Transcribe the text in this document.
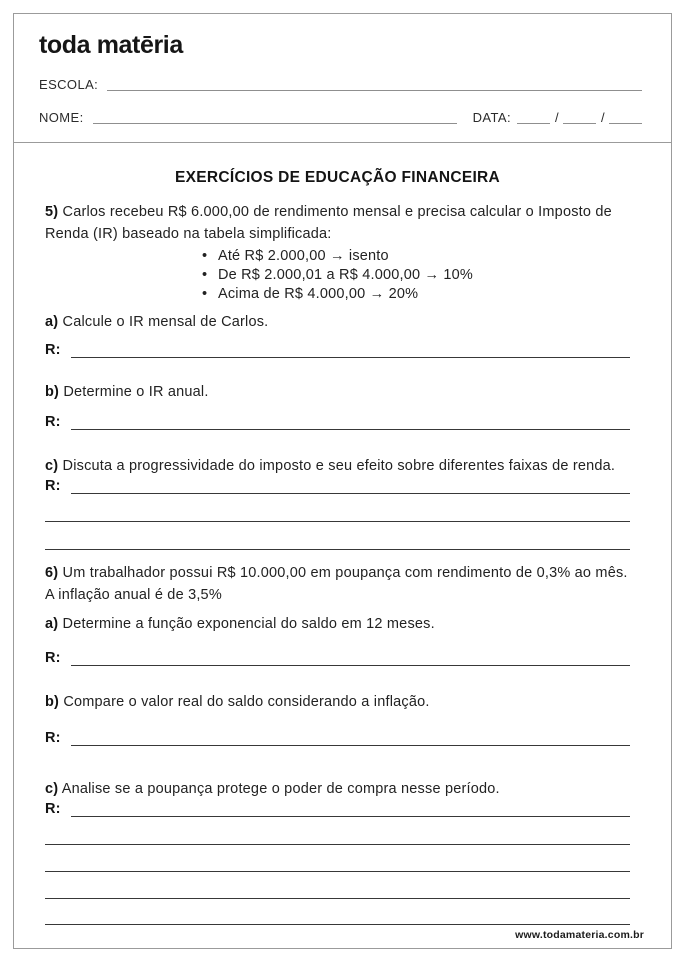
toda matēria
ESCOLA:
NOME:	DATA:	/	/
EXERCÍCIOS DE EDUCAÇÃO FINANCEIRA

5) Carlos recebeu R$ 6.000,00 de rendimento mensal e precisa calcular o Imposto de Renda (IR) baseado na tabela simplificada:

• Até R$ 2.000,00 → isento
• De R$ 2.000,01 a R$ 4.000,00 → 10%
• Acima de R$ 4.000,00 → 20%

a) Calcule o IR mensal de Carlos.

R:

b) Determine o IR anual.

R:

c) Discuta a progressividade do imposto e seu efeito sobre diferentes faixas de renda.

R:

6) Um trabalhador possui R$ 10.000,00 em poupança com rendimento de 0,3% ao mês. A inflação anual é de 3,5%

a) Determine a função exponencial do saldo em 12 meses.

R:

b) Compare o valor real do saldo considerando a inflação.

R:

c) Analise se a poupança protege o poder de compra nesse período.

R:
www.todamateria.com.br
